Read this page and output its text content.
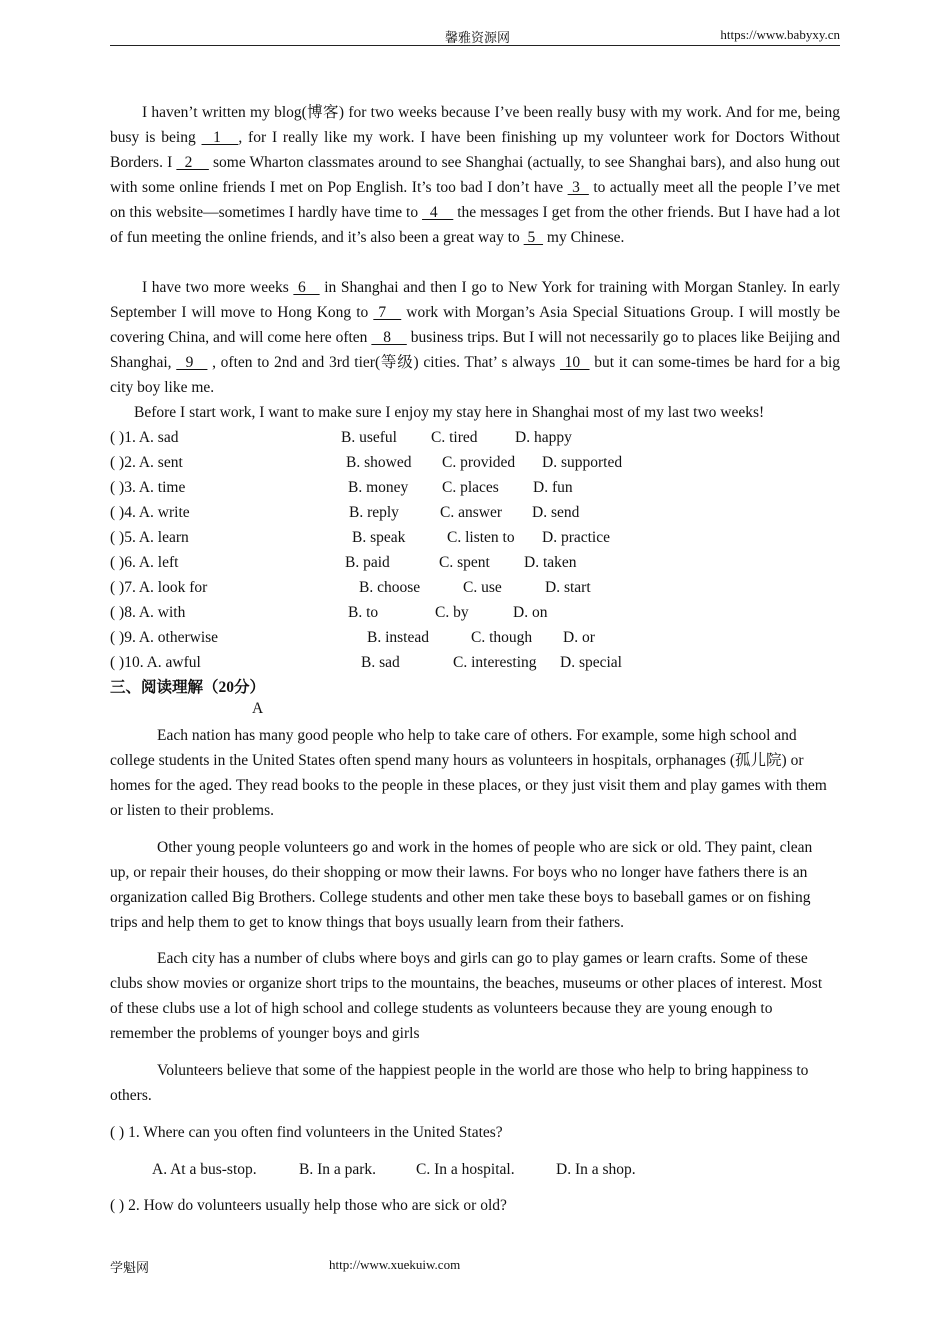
馨雅资源网	https://www.babyxy.cn
I haven’t written my blog(博客) for two weeks because I’ve been really busy with my work. And for me, being busy is being   1   , for I really like my work. I have been finishing up my volunteer work for Doctors Without Borders. I   2     some Wharton classmates around to see Shanghai (actually, to see Shanghai bars), and also hung out with some online friends I met on Pop English. It’s too bad I don’t have  3   to actually meet all the people I’ve met on this website—sometimes I hardly have time to   4     the messages I get from the other friends. But I have had a lot of fun meeting the online friends, and it’s also been a great way to  5   my Chinese.
I have two more weeks  6    in Shanghai and then I go to New York for training with Morgan Stanley. In early September I will move to Hong Kong to  7    work with Morgan’s Asia Special Situations Group. I will mostly be covering China, and will come here often    8     business trips. But I will not necessarily go to places like Beijing and Shanghai,   9    , often to 2nd and 3rd tier(等级) cities. That’ s always  10   but it can some-times be hard for a big city boy like me.
Before I start work, I want to make sure I enjoy my stay here in Shanghai most of my last two weeks!
( )1. A. sad	B. useful C. tired D. happy
( )2. A. sent	B. showed C. provided D. supported
( )3. A. time	B. money C. places D. fun
( )4. A. write	B. reply	C. answer D. send
( )5. A. learn	B. speak	C. listen to D. practice
( )6. A. left	B. paid	C. spent D. taken
( )7. A. look for	B. choose	C. use	D. start
( )8. A. with	B. to	C. by	D. on
( )9. A. otherwise	B. instead	C. though D. or
( )10. A. awful	B. sad	C. interesting D. special
三、阅读理解（20分）
A
Each nation has many good people who help to take care of others. For example, some high school and college students in the United States often spend many hours as volunteers in hospitals, orphanages (孤儿院) or homes for the aged. They read books to the people in these places, or they just visit them and play games with them or listen to their problems.
Other young people volunteers go and work in the homes of people who are sick or old. They paint, clean up, or repair their houses, do their shopping or mow their lawns. For boys who no longer have fathers there is an organization called Big Brothers. College students and other men take these boys to baseball games or on fishing trips and help them to get to know things that boys usually learn from their fathers.
Each city has a number of clubs where boys and girls can go to play games or learn crafts. Some of these clubs show movies or organize short trips to the mountains, the beaches, museums or other places of interest. Most of these clubs use a lot of high school and college students as volunteers because they are young enough to remember the problems of younger boys and girls
Volunteers believe that some of the happiest people in the world are those who help to bring happiness to others.
( ) 1. Where can you often find volunteers in the United States?
A. At a bus-stop.	B. In a park.	C. In a hospital.	D. In a shop.
( ) 2. How do volunteers usually help those who are sick or old?
学魁网	http://www.xuekuiw.com
